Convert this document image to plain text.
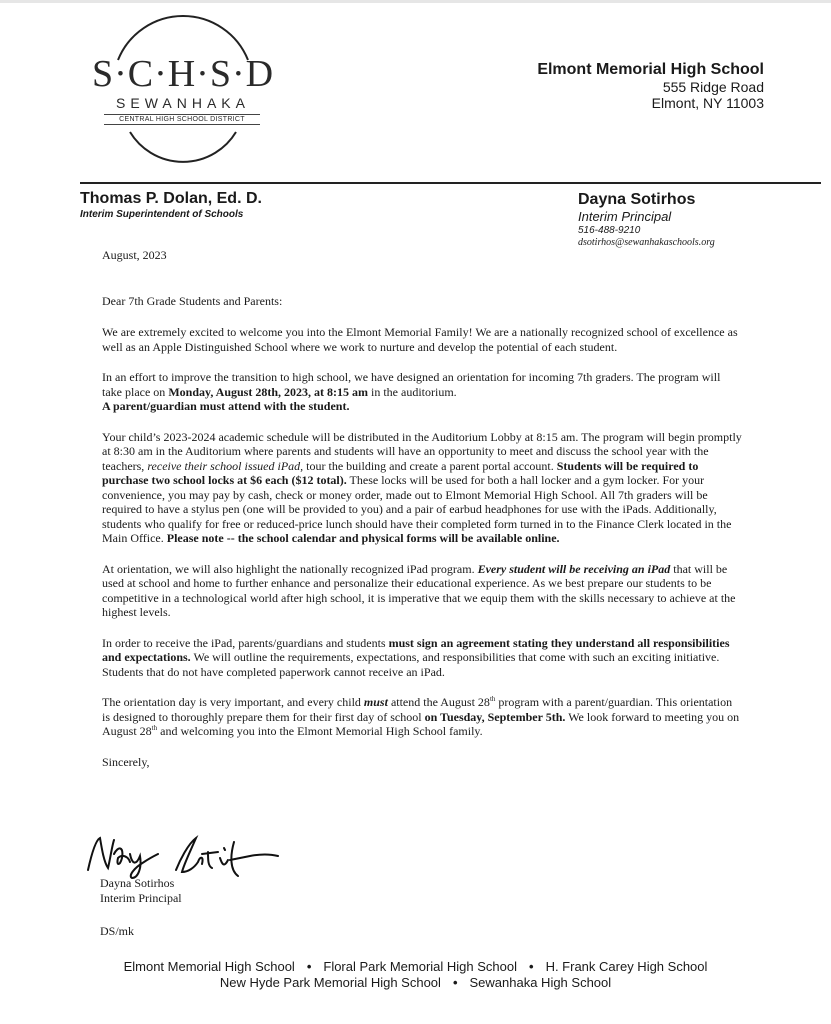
S·C·H·S·D
SEWANHAKA
CENTRAL HIGH SCHOOL DISTRICT
Elmont Memorial High School
555 Ridge Road
Elmont, NY 11003
Thomas P. Dolan, Ed. D.
Interim Superintendent of Schools
Dayna Sotirhos
Interim Principal
516-488-9210
dsotirhos@sewanhakaschools.org

August, 2023

Dear 7th Grade Students and Parents:

We are extremely excited to welcome you into the Elmont Memorial Family! We are a nationally recognized school of excellence as well as an Apple Distinguished School where we work to nurture and develop the potential of each student.

In an effort to improve the transition to high school, we have designed an orientation for incoming 7th graders. The program will take place on Monday, August 28th, 2023, at 8:15 am in the auditorium.
A parent/guardian must attend with the student.

Your child’s 2023-2024 academic schedule will be distributed in the Auditorium Lobby at 8:15 am. The program will begin promptly at 8:30 am in the Auditorium where parents and students will have an opportunity to meet and discuss the school year with the teachers, receive their school issued iPad, tour the building and create a parent portal account. Students will be required to purchase two school locks at $6 each ($12 total). These locks will be used for both a hall locker and a gym locker. For your convenience, you may pay by cash, check or money order, made out to Elmont Memorial High School. All 7th graders will be required to have a stylus pen (one will be provided to you) and a pair of earbud headphones for use with the iPads. Additionally, students who qualify for free or reduced-price lunch should have their completed form turned in to the Finance Clerk located in the Main Office. Please note -- the school calendar and physical forms will be available online.

At orientation, we will also highlight the nationally recognized iPad program. Every student will be receiving an iPad that will be used at school and home to further enhance and personalize their educational experience. As we best prepare our students to be competitive in a technological world after high school, it is imperative that we equip them with the skills necessary to achieve at the highest levels.

In order to receive the iPad, parents/guardians and students must sign an agreement stating they understand all responsibilities and expectations. We will outline the requirements, expectations, and responsibilities that come with such an exciting initiative. Students that do not have completed paperwork cannot receive an iPad.

The orientation day is very important, and every child must attend the August 28th program with a parent/guardian. This orientation is designed to thoroughly prepare them for their first day of school on Tuesday, September 5th. We look forward to meeting you on August 28th and welcoming you into the Elmont Memorial High School family.

Sincerely,

Dayna Sotirhos
Interim Principal
DS/mk
Elmont Memorial High School • Floral Park Memorial High School • H. Frank Carey High School
New Hyde Park Memorial High School • Sewanhaka High School
